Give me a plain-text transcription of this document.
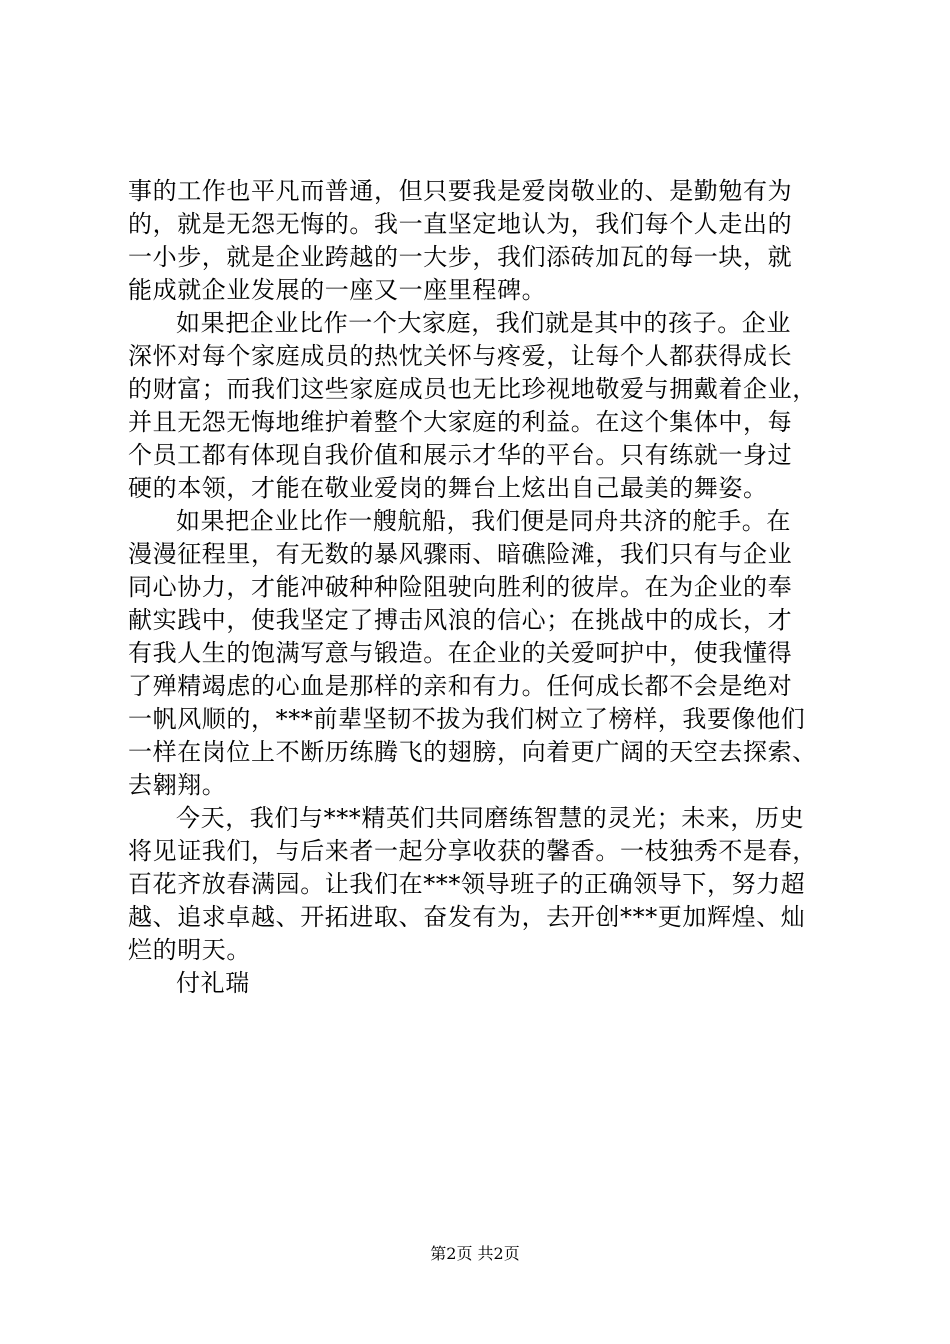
事的工作也平凡而普通，但只要我是爱岗敬业的、是勤勉有为
的，就是无怨无悔的。我一直坚定地认为，我们每个人走出的
一小步，就是企业跨越的一大步，我们添砖加瓦的每一块，就
能成就企业发展的一座又一座里程碑。
如果把企业比作一个大家庭，我们就是其中的孩子。企业
深怀对每个家庭成员的热忱关怀与疼爱，让每个人都获得成长
的财富；而我们这些家庭成员也无比珍视地敬爱与拥戴着企业，
并且无怨无悔地维护着整个大家庭的利益。在这个集体中，每
个员工都有体现自我价值和展示才华的平台。只有练就一身过
硬的本领，才能在敬业爱岗的舞台上炫出自己最美的舞姿。
如果把企业比作一艘航船，我们便是同舟共济的舵手。在
漫漫征程里，有无数的暴风骤雨、暗礁险滩，我们只有与企业
同心协力，才能冲破种种险阻驶向胜利的彼岸。在为企业的奉
献实践中，使我坚定了搏击风浪的信心；在挑战中的成长，才
有我人生的饱满写意与锻造。在企业的关爱呵护中，使我懂得
了殚精竭虑的心血是那样的亲和有力。任何成长都不会是绝对
一帆风顺的，***前辈坚韧不拔为我们树立了榜样，我要像他们
一样在岗位上不断历练腾飞的翅膀，向着更广阔的天空去探索、
去翱翔。
今天，我们与***精英们共同磨练智慧的灵光；未来，历史
将见证我们，与后来者一起分享收获的馨香。一枝独秀不是春，
百花齐放春满园。让我们在***领导班子的正确领导下，努力超
越、追求卓越、开拓进取、奋发有为，去开创***更加辉煌、灿
烂的明天。
付礼瑞
第2页 共2页
